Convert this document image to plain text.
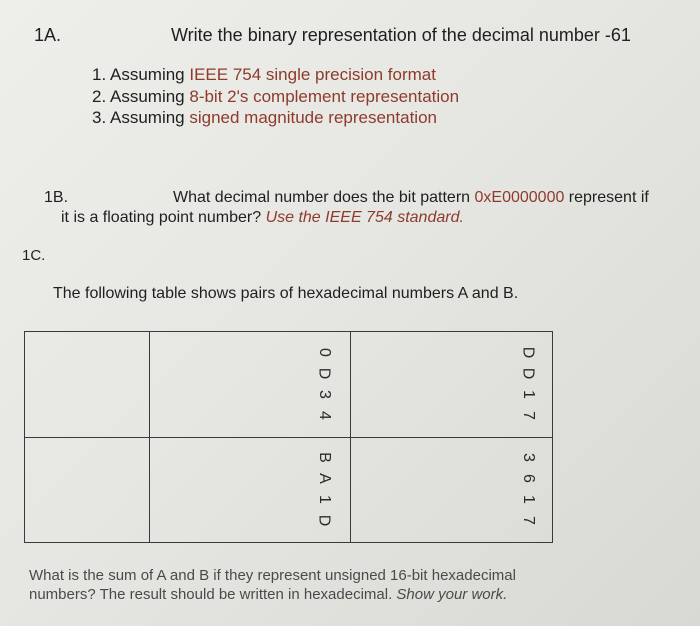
1A.	Write the binary representation of the decimal number -61
1. Assuming IEEE 754 single precision format
2. Assuming 8-bit 2's complement representation
3. Assuming signed magnitude representation
1B.	What decimal number does the bit pattern 0xE0000000 represent if
it is a floating point number? Use the IEEE 754 standard.
1C.
The following table shows pairs of hexadecimal numbers A and B.
0
D
3
4
D
D
1
7
B
A
1
D
3
6
1
7
What is the sum of A and B if they represent unsigned 16-bit hexadecimal
numbers? The result should be written in hexadecimal. Show your work.
